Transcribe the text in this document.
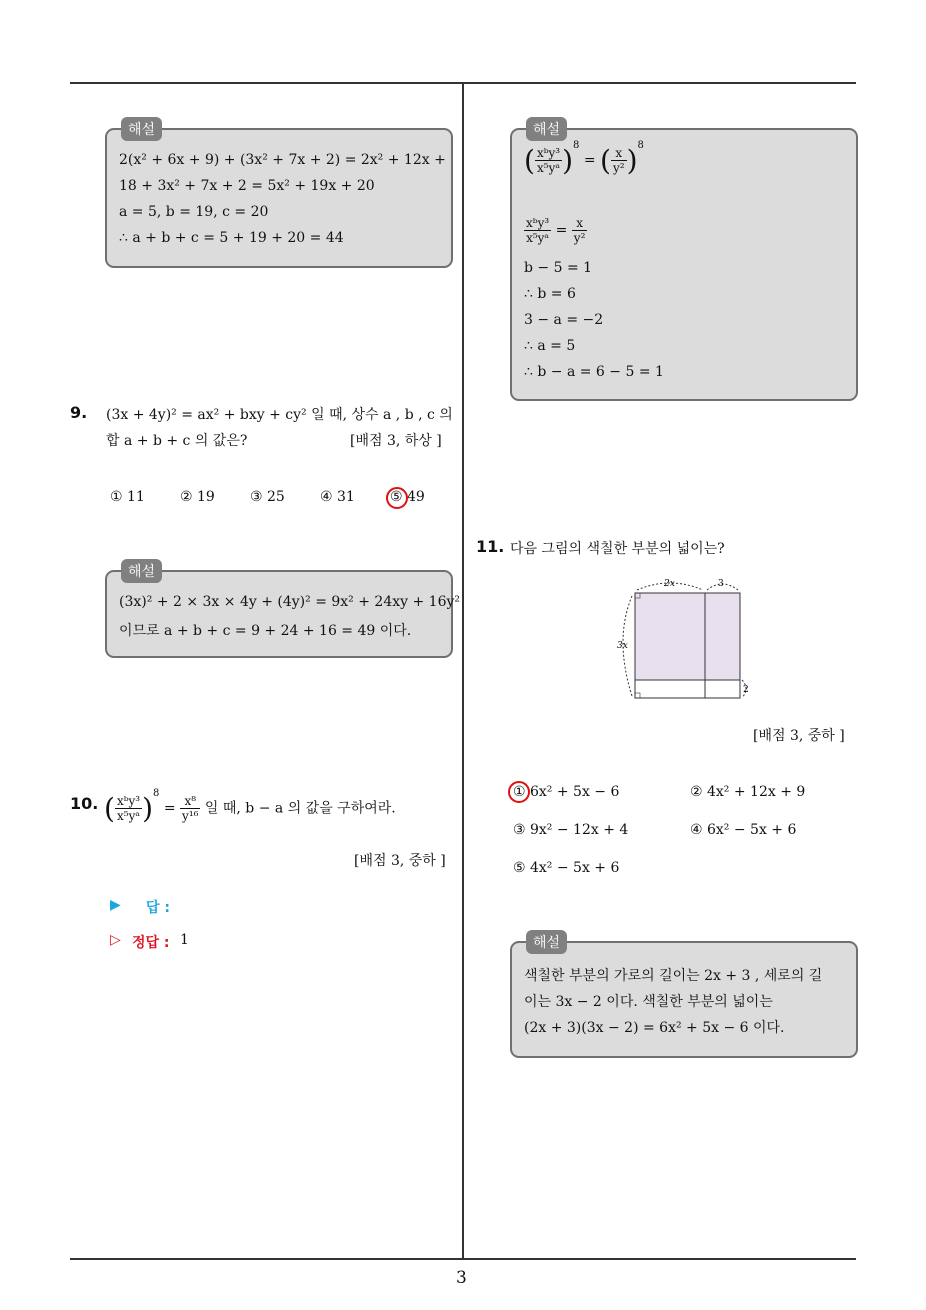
3
해설
2(x² + 6x + 9) + (3x² + 7x + 2) = 2x² + 12x +
18 + 3x² + 7x + 2 = 5x² + 19x + 20
a = 5, b = 19, c = 20
∴ a + b + c = 5 + 19 + 20 = 44
9. (3x + 4y)² = ax² + bxy + cy² 일 때, 상수 a , b , c 의
합 a + b + c 의 값은?	[배점 3, 하상 ]
① 11	② 19	③ 25	④ 31	⑤ 49
해설
(3x)² + 2 × 3x × 4y + (4y)² = 9x² + 24xy + 16y²
이므로 a + b + c = 9 + 24 + 16 = 49 이다.
10. ( $\frac{\text{xᵇy³}}{\text{x⁵yᵃ}} )^8 = \frac{\text{x⁸}}{\text{y¹⁶}}$ 일 때, b − a 의 값을 구하여라.
[배점 3, 중하 ]
▶ 답 :
▷ 정답 : 1
해설
( $\frac{\text{xᵇy³}}{\text{x⁵yᵃ}} )^8$ = ( $\frac{x}{\text{y²}} )^8$
$\frac{\text{xᵇy³}}{\text{x⁵yᵃ}} = \frac{x}{\text{y²}}$
b − 5 = 1
∴ b = 6
3 − a = −2
∴ a = 5
∴ b − a = 6 − 5 = 1
11. 다음 그림의 색칠한 부분의 넓이는?
2x	3
3x
2
[배점 3, 중하 ]
① 6x² + 5x − 6	② 4x² + 12x + 9
③ 9x² − 12x + 4	④ 6x² − 5x + 6
⑤ 4x² − 5x + 6
해설
색칠한 부분의 가로의 길이는 2x + 3 , 세로의 길
이는 3x − 2 이다. 색칠한 부분의 넓이는
(2x + 3)(3x − 2) = 6x² + 5x − 6 이다.
